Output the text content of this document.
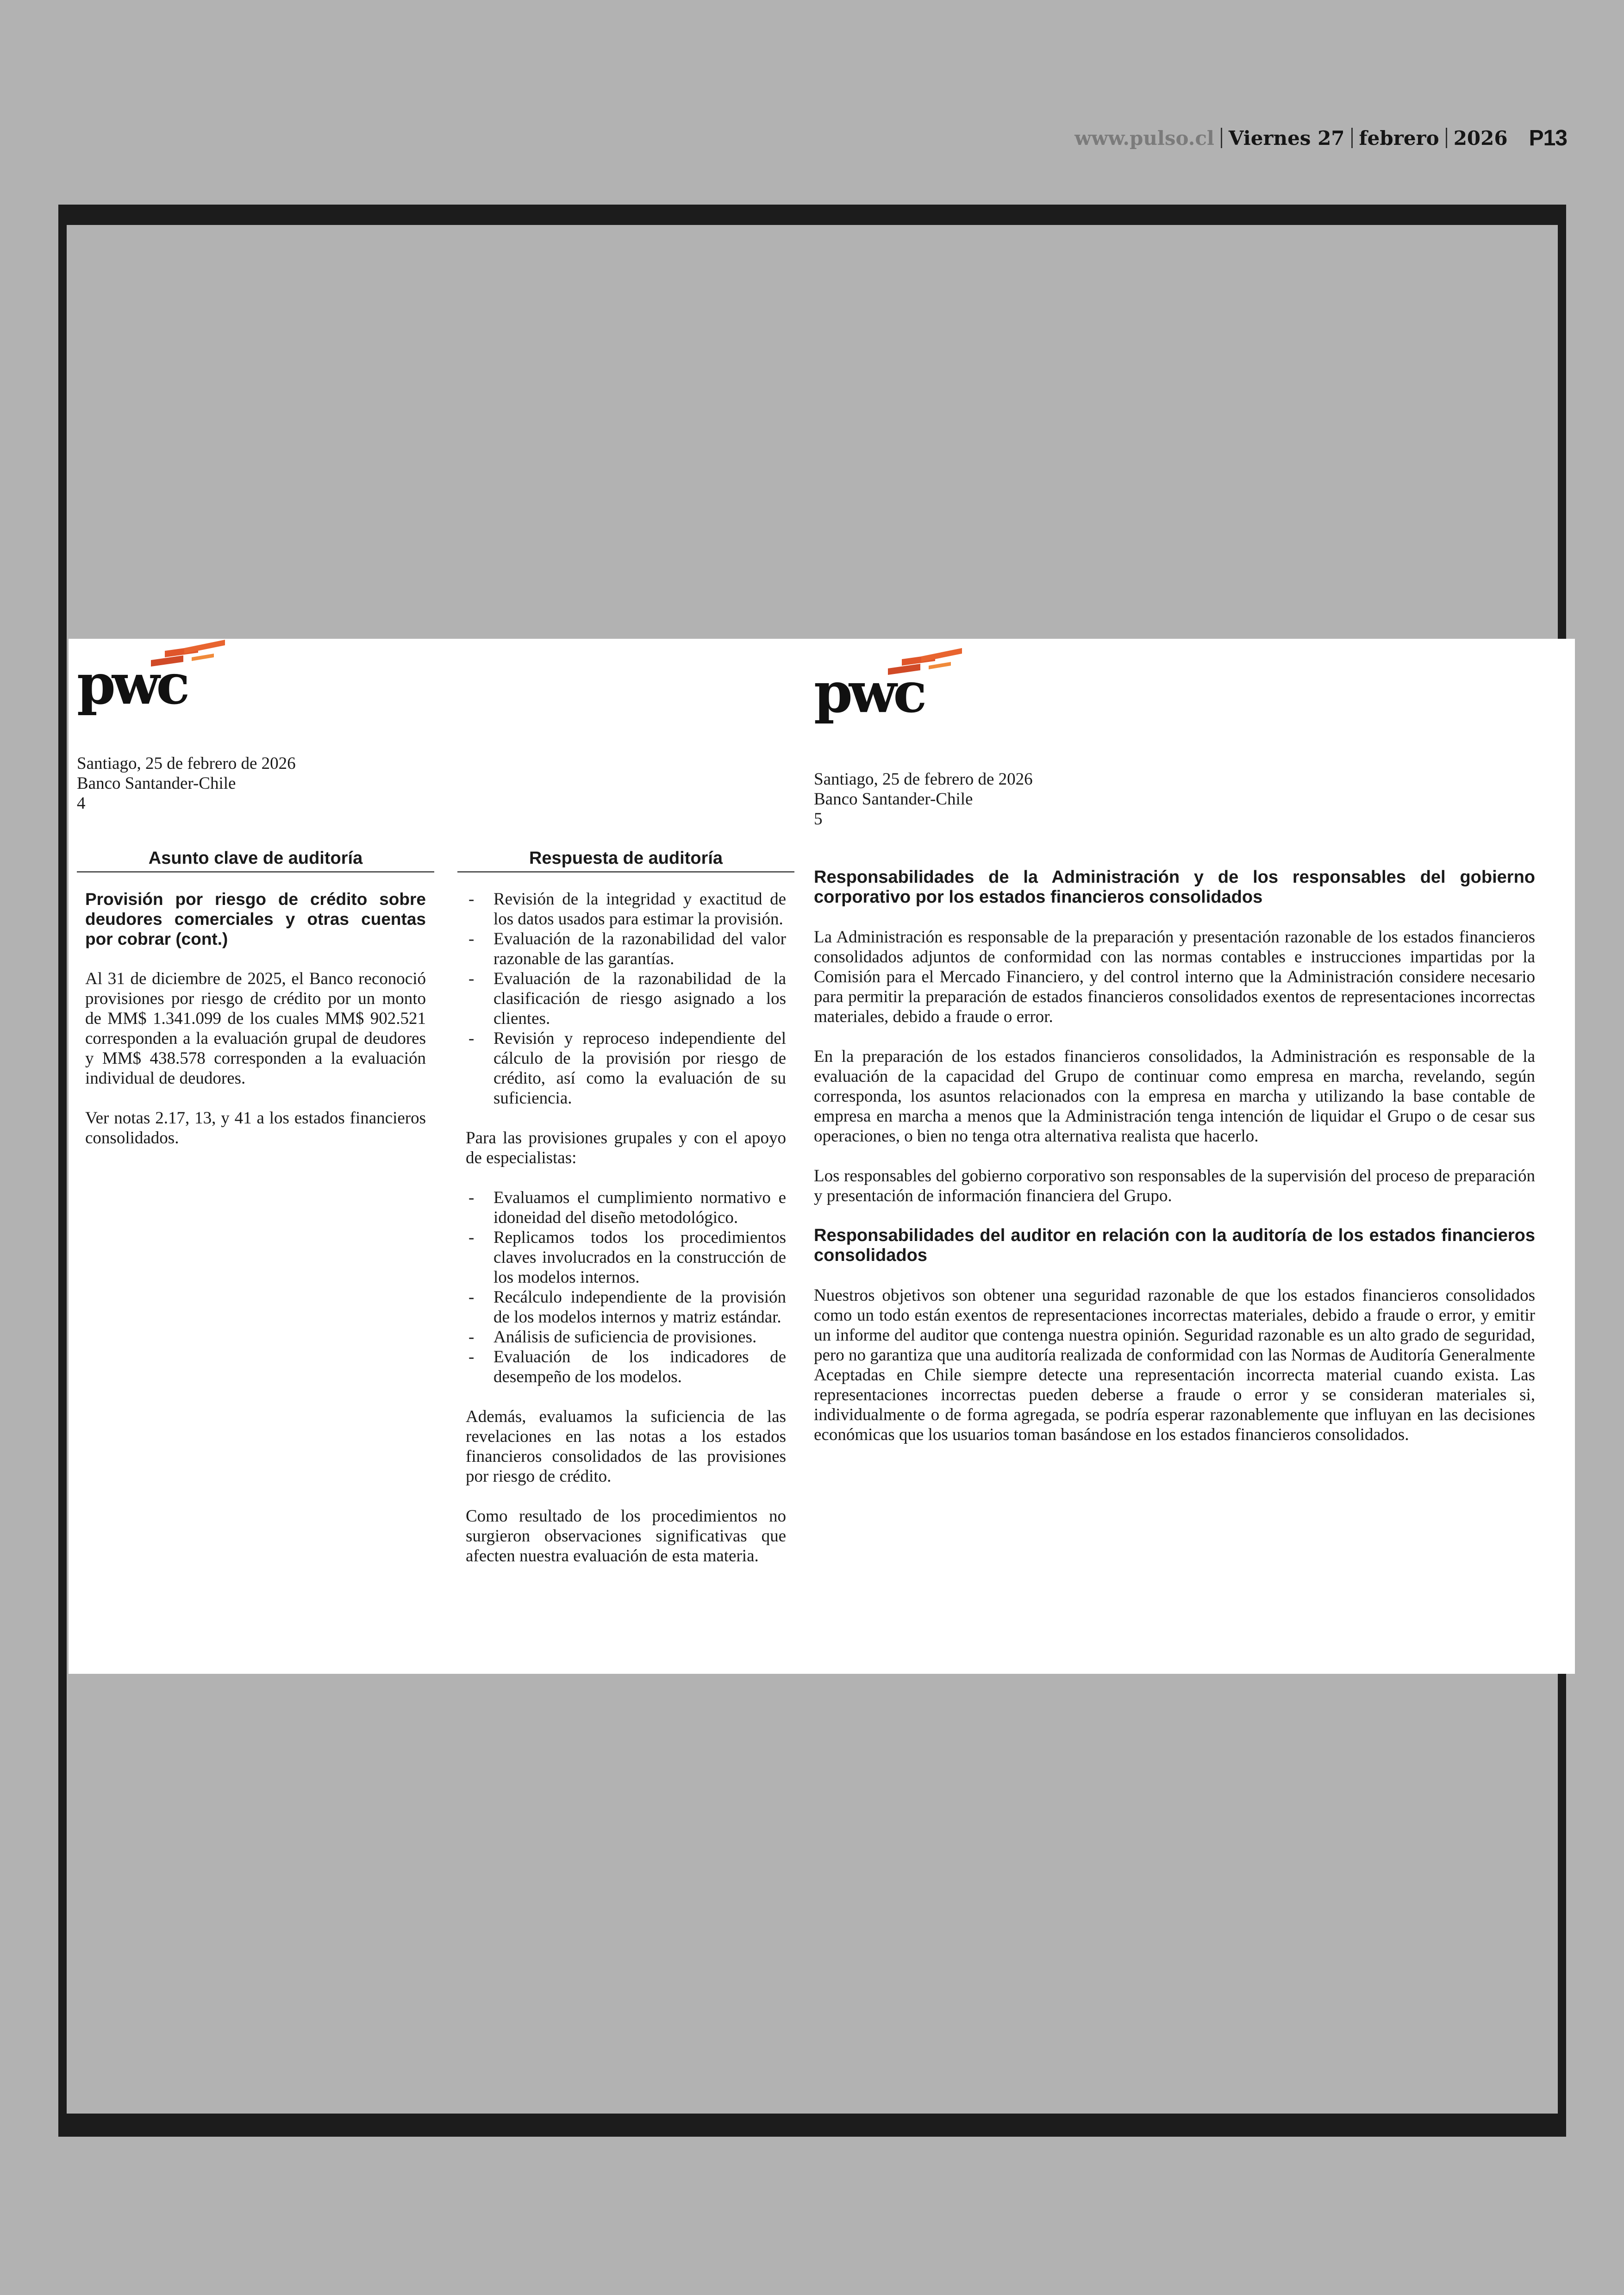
www.pulso.cl Viernes 27 febrero 2026 P13
pwc
Santiago, 25 de febrero de 2026
Banco Santander-Chile
4
Asunto clave de auditoría
Provisión por riesgo de crédito sobre deudores comerciales y otras cuentas por cobrar (cont.)

Al 31 de diciembre de 2025, el Banco reconoció provisiones por riesgo de crédito por un monto de MM$ 1.341.099 de los cuales MM$ 902.521 corresponden a la evaluación grupal de deudores y MM$ 438.578 corresponden a la evaluación individual de deudores.

Ver notas 2.17, 13, y 41 a los estados financieros consolidados.

Respuesta de auditoría
- Revisión de la integridad y exactitud de los datos usados para estimar la provisión.
- Evaluación de la razonabilidad del valor razonable de las garantías.
- Evaluación de la razonabilidad de la clasificación de riesgo asignado a los clientes.
- Revisión y reproceso independiente del cálculo de la provisión por riesgo de crédito, así como la evaluación de su suficiencia.

Para las provisiones grupales y con el apoyo de especialistas:

- Evaluamos el cumplimiento normativo e idoneidad del diseño metodológico.
- Replicamos todos los procedimientos claves involucrados en la construcción de los modelos internos.
- Recálculo independiente de la provisión de los modelos internos y matriz estándar.
- Análisis de suficiencia de provisiones.
- Evaluación de los indicadores de desempeño de los modelos.

Además, evaluamos la suficiencia de las revelaciones en las notas a los estados financieros consolidados de las provisiones por riesgo de crédito.

Como resultado de los procedimientos no surgieron observaciones significativas que afecten nuestra evaluación de esta materia.

pwc
Santiago, 25 de febrero de 2026
Banco Santander-Chile
5
Responsabilidades de la Administración y de los responsables del gobierno corporativo por los estados financieros consolidados

La Administración es responsable de la preparación y presentación razonable de los estados financieros consolidados adjuntos de conformidad con las normas contables e instrucciones impartidas por la Comisión para el Mercado Financiero, y del control interno que la Administración considere necesario para permitir la preparación de estados financieros consolidados exentos de representaciones incorrectas materiales, debido a fraude o error.

En la preparación de los estados financieros consolidados, la Administración es responsable de la evaluación de la capacidad del Grupo de continuar como empresa en marcha, revelando, según corresponda, los asuntos relacionados con la empresa en marcha y utilizando la base contable de empresa en marcha a menos que la Administración tenga intención de liquidar el Grupo o de cesar sus operaciones, o bien no tenga otra alternativa realista que hacerlo.

Los responsables del gobierno corporativo son responsables de la supervisión del proceso de preparación y presentación de información financiera del Grupo.

Responsabilidades del auditor en relación con la auditoría de los estados financieros consolidados

Nuestros objetivos son obtener una seguridad razonable de que los estados financieros consolidados como un todo están exentos de representaciones incorrectas materiales, debido a fraude o error, y emitir un informe del auditor que contenga nuestra opinión. Seguridad razonable es un alto grado de seguridad, pero no garantiza que una auditoría realizada de conformidad con las Normas de Auditoría Generalmente Aceptadas en Chile siempre detecte una representación incorrecta material cuando exista. Las representaciones incorrectas pueden deberse a fraude o error y se consideran materiales si, individualmente o de forma agregada, se podría esperar razonablemente que influyan en las decisiones económicas que los usuarios toman basándose en los estados financieros consolidados.
